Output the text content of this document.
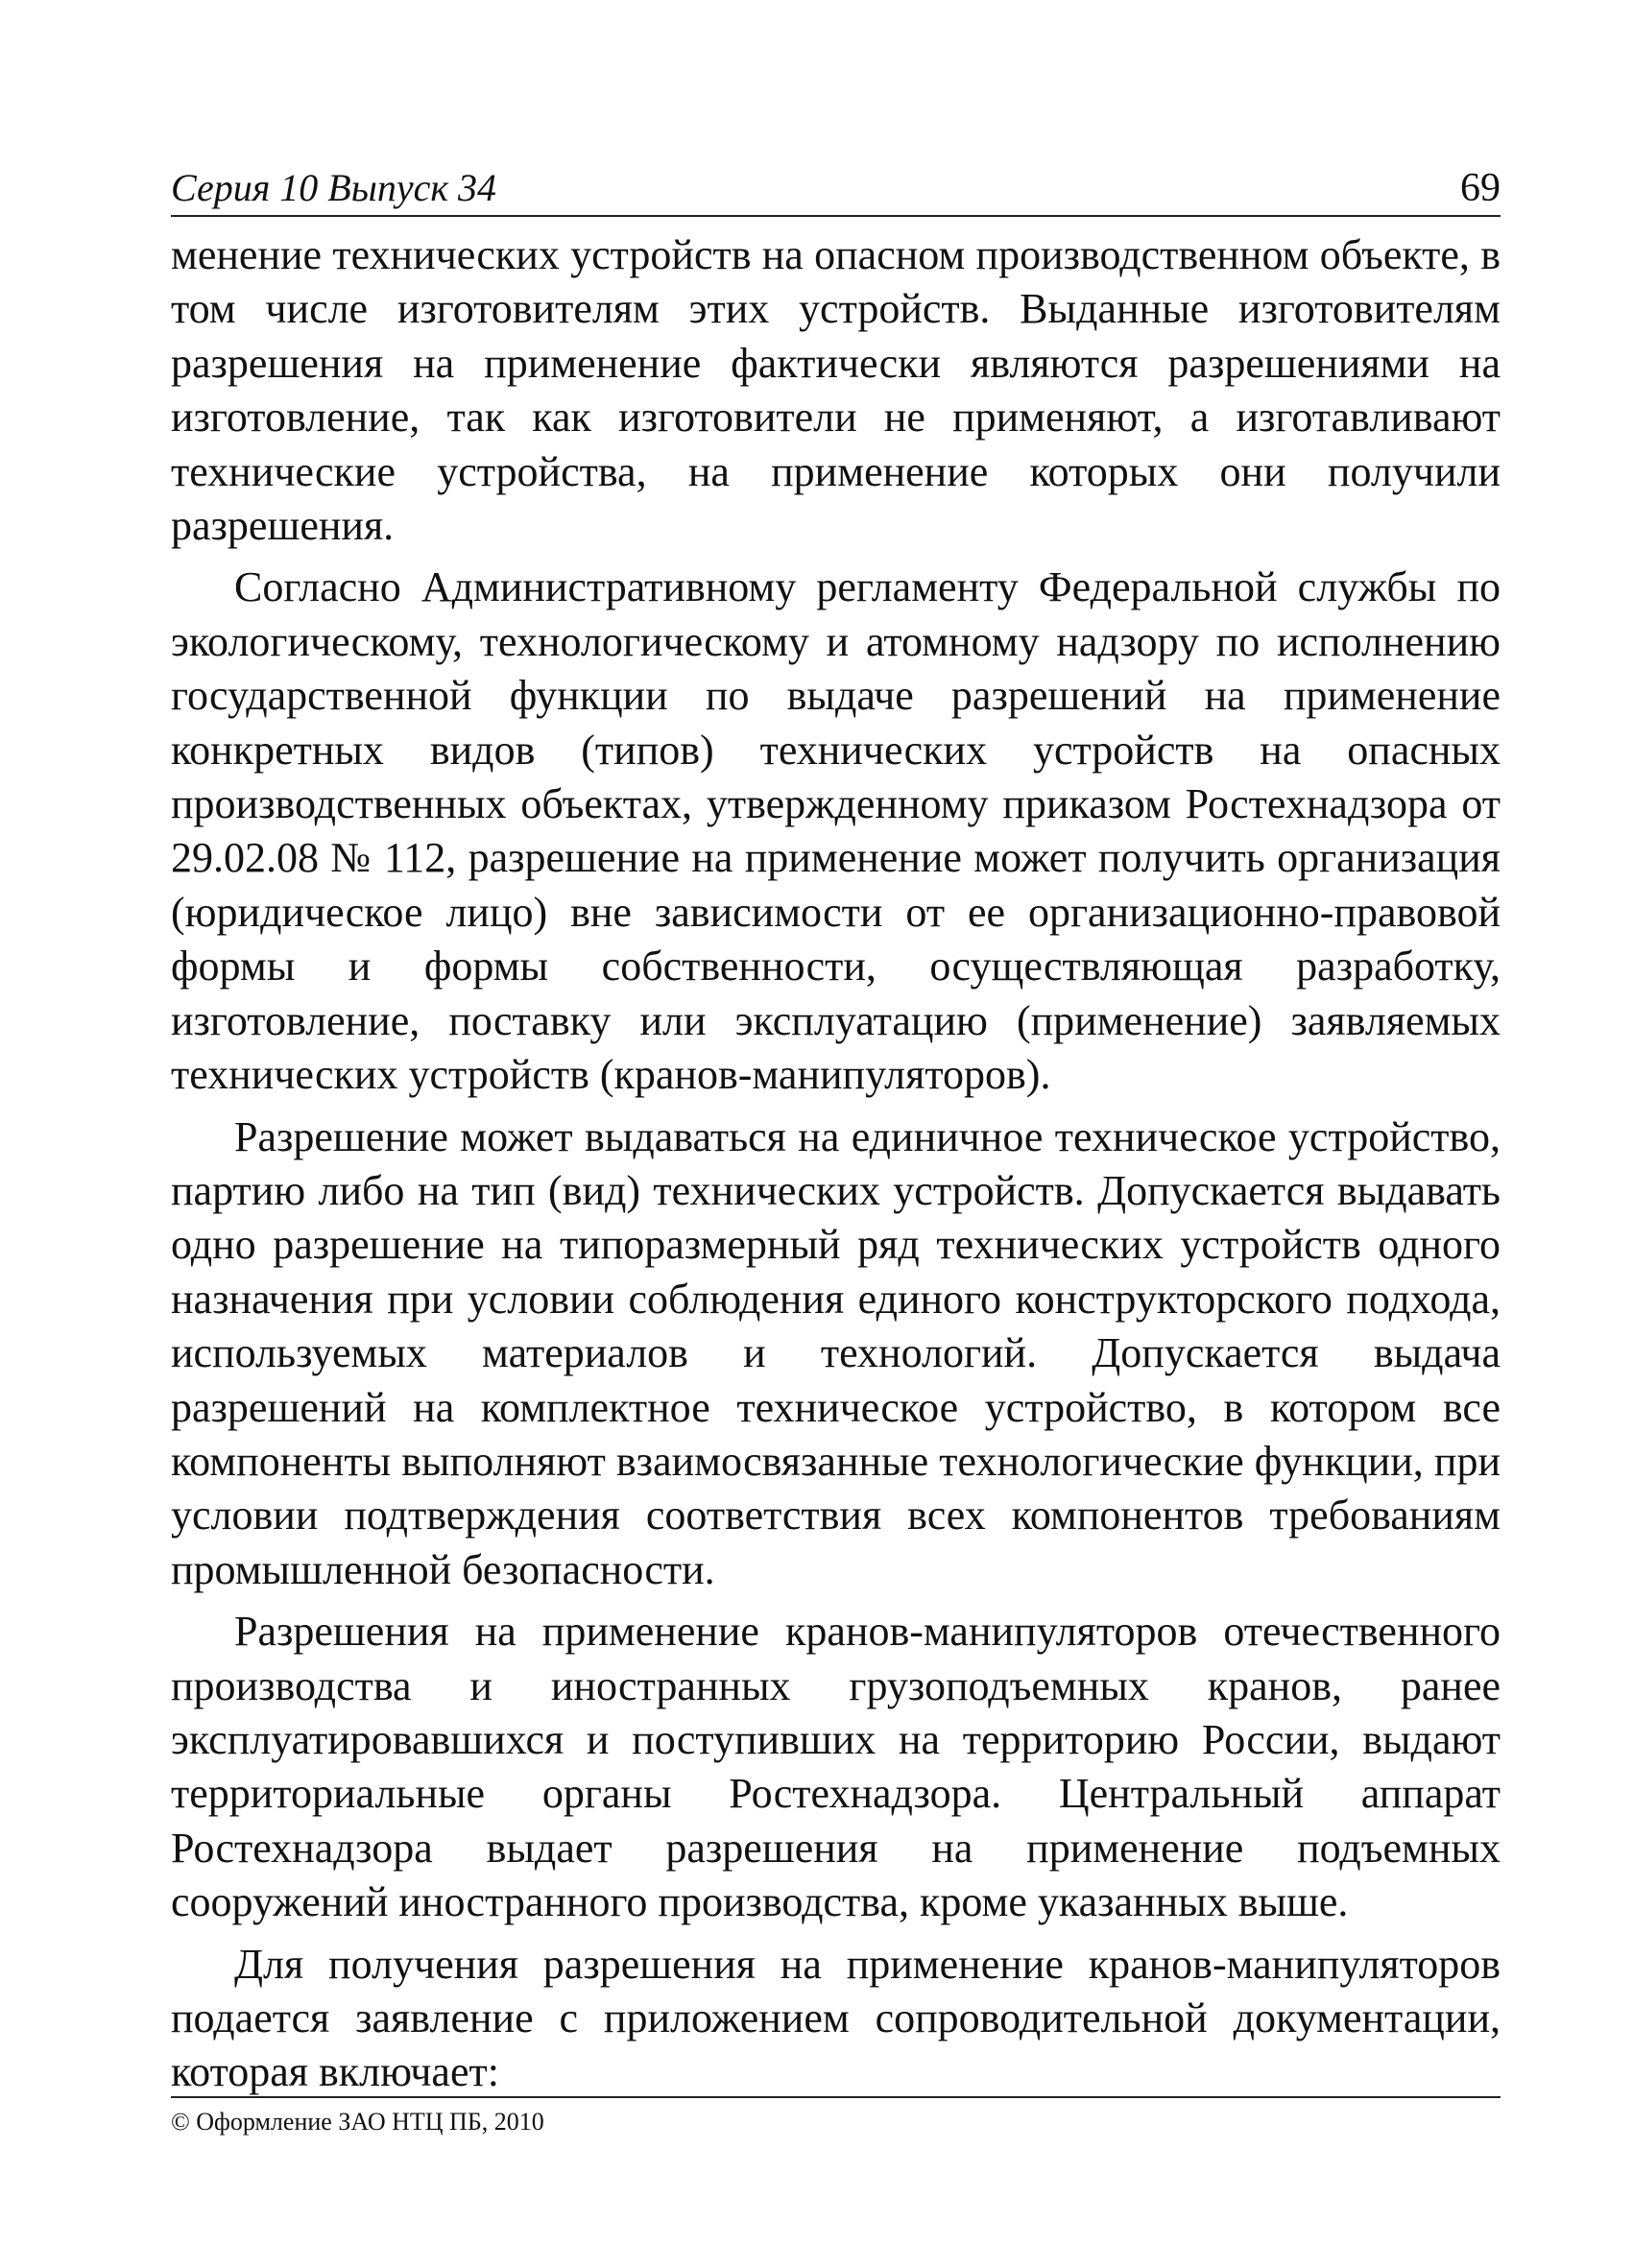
Серия 10 Выпуск 34	69

менение технических устройств на опасном производственном объекте, в том числе изготовителям этих устройств. Выданные изготовителям разрешения на применение фактически являются разрешениями на изготовление, так как изготовители не применяют, а изготавливают технические устройства, на применение которых они получили разрешения.

Согласно Административному регламенту Федеральной службы по экологическому, технологическому и атомному надзору по исполнению государственной функции по выдаче разрешений на применение конкретных видов (типов) технических устройств на опасных производственных объектах, утвержденному приказом Ростехнадзора от 29.02.08 № 112, разрешение на применение может получить организация (юридическое лицо) вне зависимости от ее организационно-правовой формы и формы собственности, осуществляющая разработку, изготовление, поставку или эксплуатацию (применение) заявляемых технических устройств (кранов-манипуляторов).

Разрешение может выдаваться на единичное техническое устройство, партию либо на тип (вид) технических устройств. Допускается выдавать одно разрешение на типоразмерный ряд технических устройств одного назначения при условии соблюдения единого конструкторского подхода, используемых материалов и технологий. Допускается выдача разрешений на комплектное техническое устройство, в котором все компоненты выполняют взаимосвязанные технологические функции, при условии подтверждения соответствия всех компонентов требованиям промышленной безопасности.

Разрешения на применение кранов-манипуляторов отечественного производства и иностранных грузоподъемных кранов, ранее эксплуатировавшихся и поступивших на территорию России, выдают территориальные органы Ростехнадзора. Центральный аппарат Ростехнадзора выдает разрешения на применение подъемных сооружений иностранного производства, кроме указанных выше.

Для получения разрешения на применение кранов-манипуляторов подается заявление с приложением сопроводительной документации, которая включает:

© Оформление ЗАО НТЦ ПБ, 2010
